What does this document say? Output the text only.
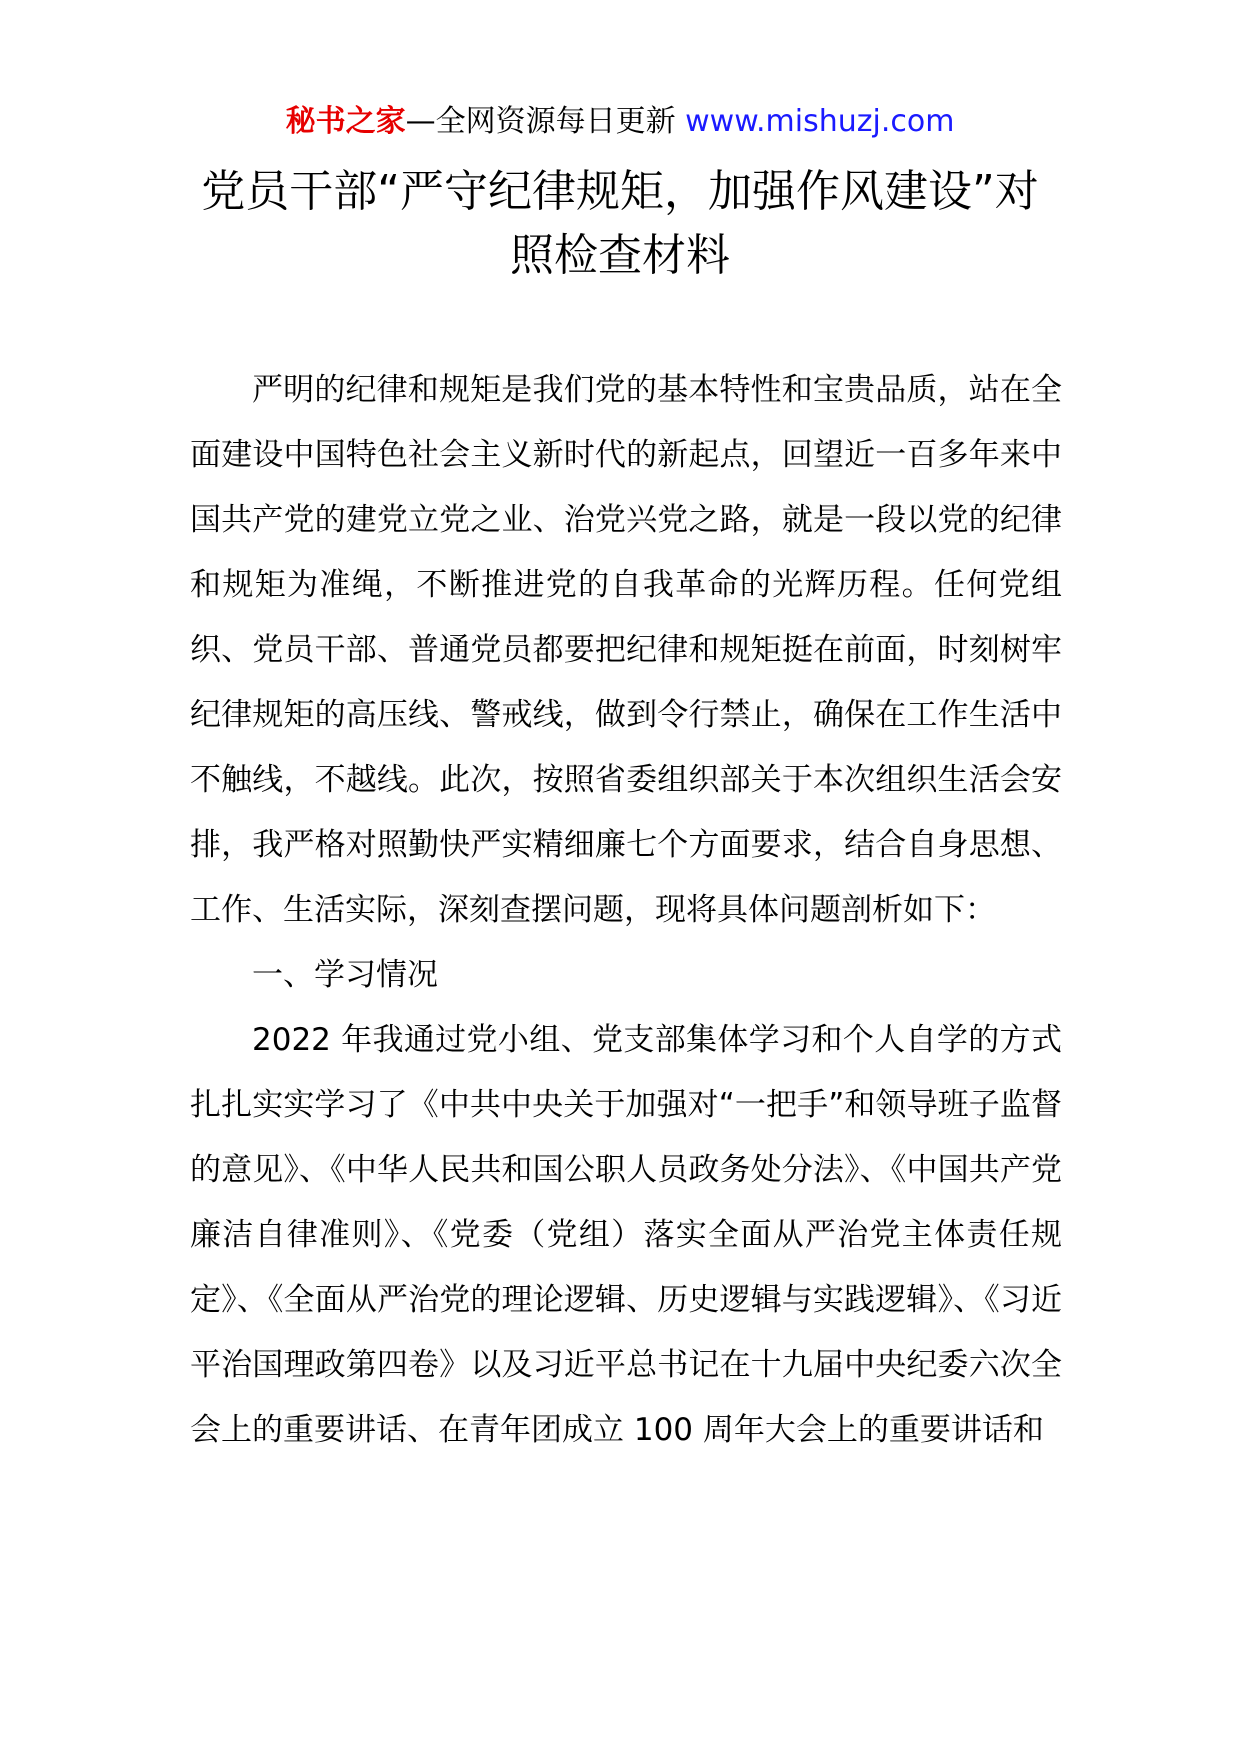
秘书之家—全网资源每日更新 www.mishuzj.com
党员干部“严守纪律规矩，加强作风建设”对照检查材料

严明的纪律和规矩是我们党的基本特性和宝贵品质，站在全面建设中国特色社会主义新时代的新起点，回望近一百多年来中国共产党的建党立党之业、治党兴党之路，就是一段以党的纪律和规矩为准绳，不断推进党的自我革命的光辉历程。任何党组织、党员干部、普通党员都要把纪律和规矩挺在前面，时刻树牢纪律规矩的高压线、警戒线，做到令行禁止，确保在工作生活中不触线，不越线。此次，按照省委组织部关于本次组织生活会安排，我严格对照勤快严实精细廉七个方面要求，结合自身思想、工作、生活实际，深刻查摆问题，现将具体问题剖析如下：

一、学习情况

2022 年我通过党小组、党支部集体学习和个人自学的方式扎扎实实学习了《中共中央关于加强对“一把手”和领导班子监督的意见》、《中华人民共和国公职人员政务处分法》、《中国共产党廉洁自律准则》、《党委（党组）落实全面从严治党主体责任规定》、《全面从严治党的理论逻辑、历史逻辑与实践逻辑》、《习近平治国理政第四卷》以及习近平总书记在十九届中央纪委六次全会上的重要讲话、在青年团成立 100 周年大会上的重要讲话和
